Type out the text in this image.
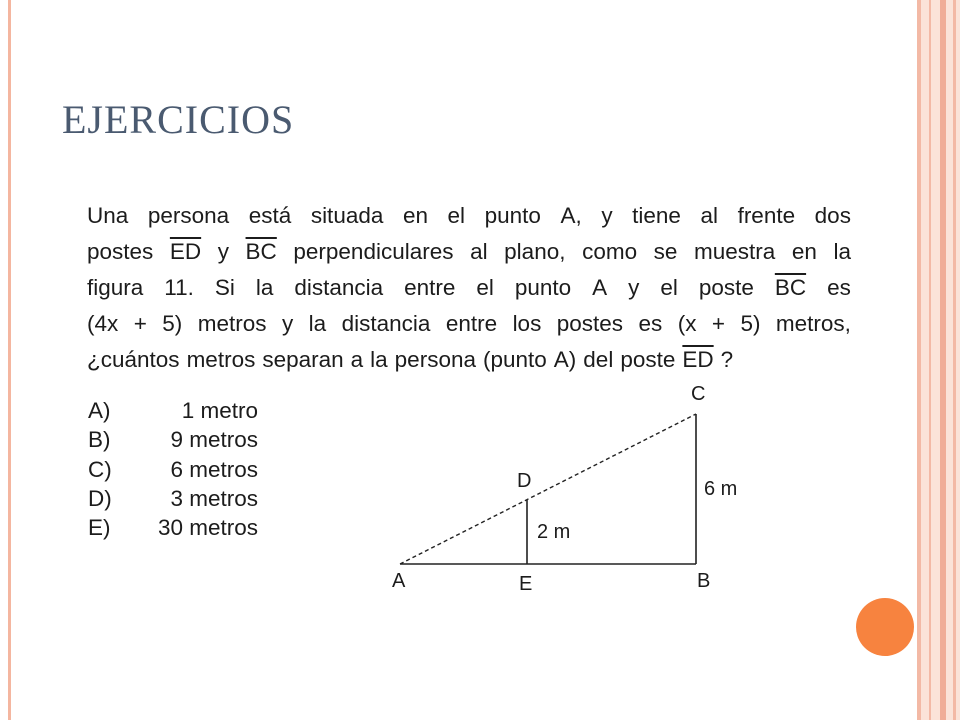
EJERCICIOS
Una persona está situada en el punto A, y tiene al frente dos
postes $\overline{ED}$ y $\overline{BC}$ perpendiculares al plano, como se muestra en la
figura 11. Si la distancia entre el punto A y el poste $\overline{BC}$ es
(4x + 5) metros y la distancia entre los postes es (x + 5) metros,
¿cuántos metros separan a la persona (punto A) del poste $\overline{ED}$ ?
A)	1 metro
B)	9 metros
C)	6 metros
D)	3 metros
E) 30 metros
C
D
A	E	B
6 m
2 m
